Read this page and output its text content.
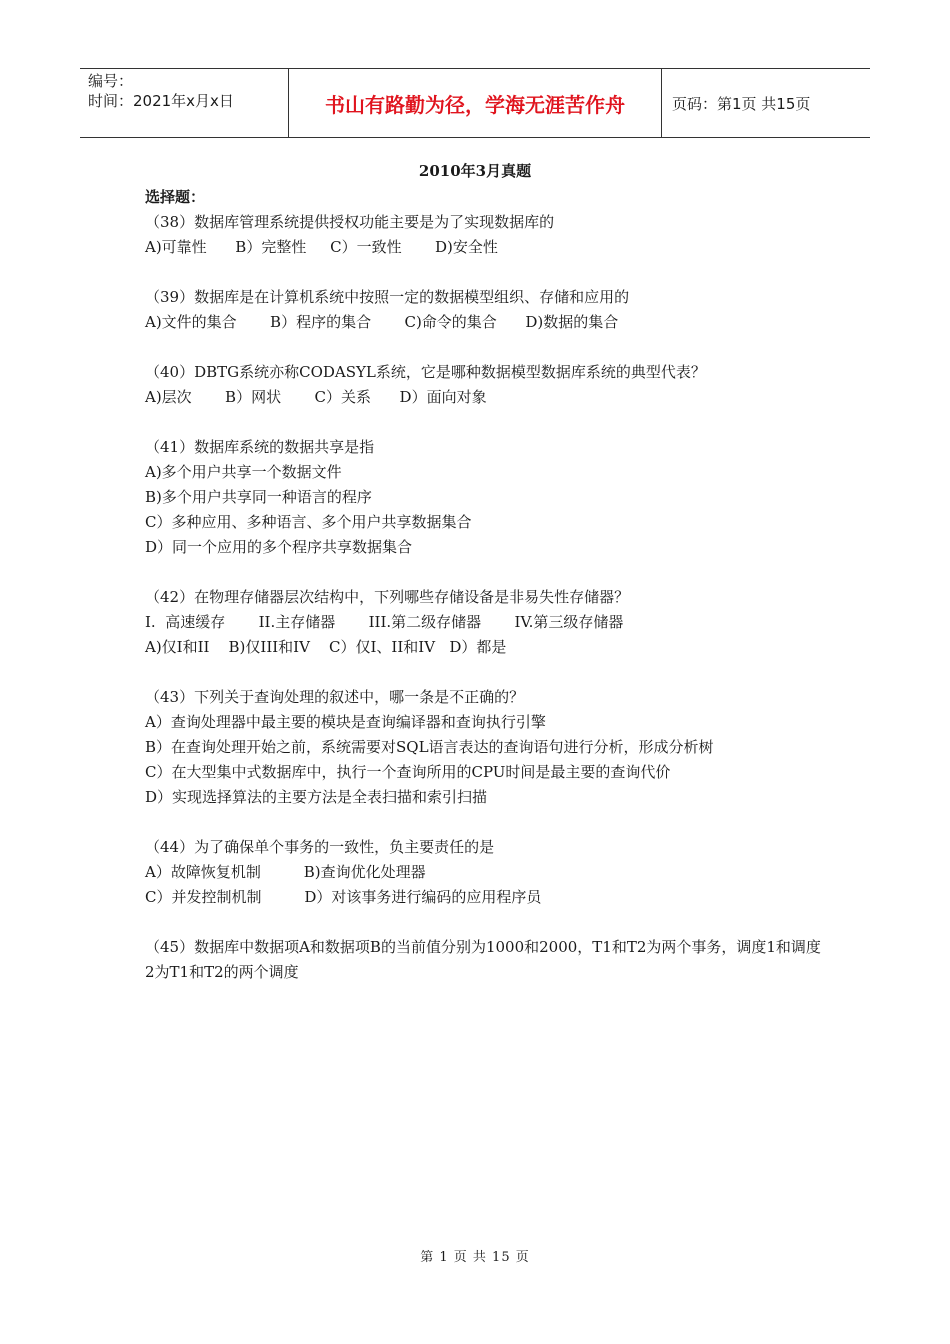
编号：
时间：2021年x月x日	书山有路勤为径，学海无涯苦作舟	页码：第1页 共15页
2010年3月真题
选择题：
（38）数据库管理系统提供授权功能主要是为了实现数据库的
A)可靠性      B）完整性     C）一致性       D)安全性
（39）数据库是在计算机系统中按照一定的数据模型组织、存储和应用的
A)文件的集合       B）程序的集合       C)命令的集合      D)数据的集合
（40）DBTG系统亦称CODASYL系统，它是哪种数据模型数据库系统的典型代表？
A)层次       B）网状       C）关系      D）面向对象
（41）数据库系统的数据共享是指
A)多个用户共享一个数据文件
B)多个用户共享同一种语言的程序
C）多种应用、多种语言、多个用户共享数据集合
D）同一个应用的多个程序共享数据集合
（42）在物理存储器层次结构中，下列哪些存储设备是非易失性存储器？
I.  高速缓存       II.主存储器       III.第二级存储器       IV.第三级存储器
A)仅I和II    B)仅III和IV    C）仅I、II和IV   D）都是
（43）下列关于查询处理的叙述中，哪一条是不正确的？
A）查询处理器中最主要的模块是查询编译器和查询执行引擎
B）在查询处理开始之前，系统需要对SQL语言表达的查询语句进行分析，形成分析树
C）在大型集中式数据库中，执行一个查询所用的CPU时间是最主要的查询代价
D）实现选择算法的主要方法是全表扫描和索引扫描
（44）为了确保单个事务的一致性，负主要责任的是
A）故障恢复机制         B)查询优化处理器
C）并发控制机制         D）对该事务进行编码的应用程序员
（45）数据库中数据项A和数据项B的当前值分别为1000和2000，T1和T2为两个事务，调度1和调度2为T1和T2的两个调度
第 1 页 共 15 页
